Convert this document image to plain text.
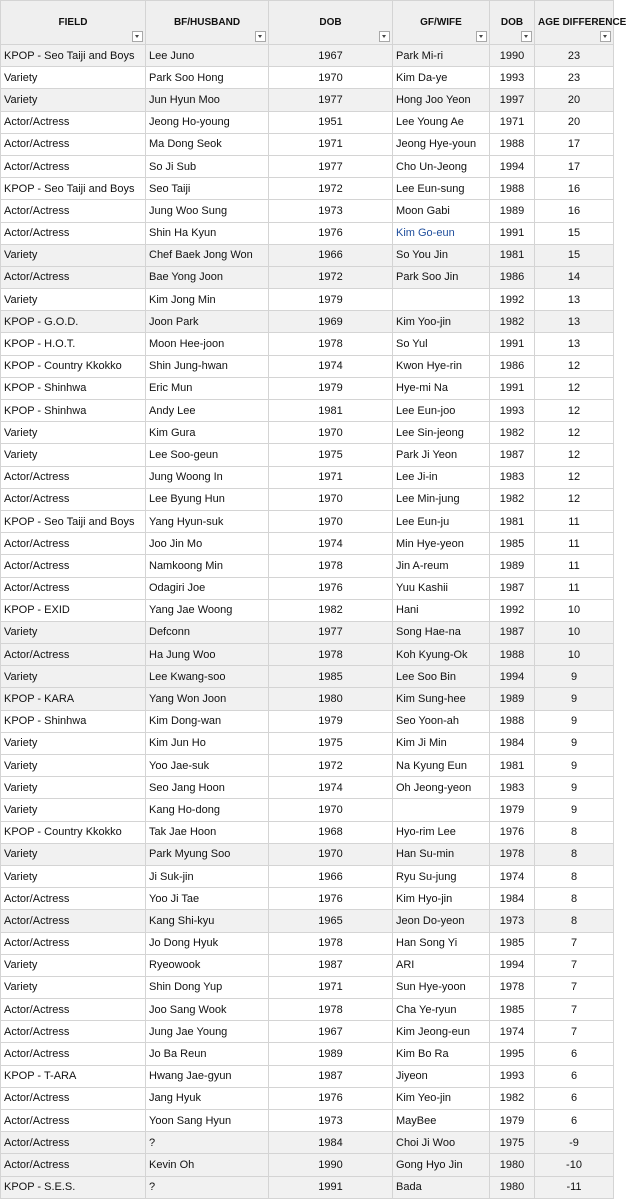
FIELD	BF/HUSBAND	DOB	GF/WIFE	DOB	AGE DIFFERENCE

KPOP - Seo Taiji and Boys	Lee Juno	1967	Park Mi-ri	1990	23
Variety	Park Soo Hong	1970	Kim Da-ye	1993	23
Variety	Jun Hyun Moo	1977	Hong Joo Yeon	1997	20
Actor/Actress	Jeong Ho-young	1951	Lee Young Ae	1971	20
Actor/Actress	Ma Dong Seok	1971	Jeong Hye-youn	1988	17
Actor/Actress	So Ji Sub	1977	Cho Un-Jeong	1994	17
KPOP - Seo Taiji and Boys	Seo Taiji	1972	Lee Eun-sung	1988	16
Actor/Actress	Jung Woo Sung	1973	Moon Gabi	1989	16
Actor/Actress	Shin Ha Kyun	1976	Kim Go-eun	1991	15
Variety	Chef Baek Jong Won	1966	So You Jin	1981	15
Actor/Actress	Bae Yong Joon	1972	Park Soo Jin	1986	14
Variety	Kim Jong Min	1979		1992	13
KPOP - G.O.D.	Joon Park	1969	Kim Yoo-jin	1982	13
KPOP - H.O.T.	Moon Hee-joon	1978	So Yul	1991	13
KPOP - Country Kkokko	Shin Jung-hwan	1974	Kwon Hye-rin	1986	12
KPOP - Shinhwa	Eric Mun	1979	Hye-mi Na	1991	12
KPOP - Shinhwa	Andy Lee	1981	Lee Eun-joo	1993	12
Variety	Kim Gura	1970	Lee Sin-jeong	1982	12
Variety	Lee Soo-geun	1975	Park Ji Yeon	1987	12
Actor/Actress	Jung Woong In	1971	Lee Ji-in	1983	12
Actor/Actress	Lee Byung Hun	1970	Lee Min-jung	1982	12
KPOP - Seo Taiji and Boys	Yang Hyun-suk	1970	Lee Eun-ju	1981	11
Actor/Actress	Joo Jin Mo	1974	Min Hye-yeon	1985	11
Actor/Actress	Namkoong Min	1978	Jin A-reum	1989	11
Actor/Actress	Odagiri Joe	1976	Yuu Kashii	1987	11
KPOP - EXID	Yang Jae Woong	1982	Hani	1992	10
Variety	Defconn	1977	Song Hae-na	1987	10
Actor/Actress	Ha Jung Woo	1978	Koh Kyung-Ok	1988	10
Variety	Lee Kwang-soo	1985	Lee Soo Bin	1994	9
KPOP - KARA	Yang Won Joon	1980	Kim Sung-hee	1989	9
KPOP - Shinhwa	Kim Dong-wan	1979	Seo Yoon-ah	1988	9
Variety	Kim Jun Ho	1975	Kim Ji Min	1984	9
Variety	Yoo Jae-suk	1972	Na Kyung Eun	1981	9
Variety	Seo Jang Hoon	1974	Oh Jeong-yeon	1983	9
Variety	Kang Ho-dong	1970		1979	9
KPOP - Country Kkokko	Tak Jae Hoon	1968	Hyo-rim Lee	1976	8
Variety	Park Myung Soo	1970	Han Su-min	1978	8
Variety	Ji Suk-jin	1966	Ryu Su-jung	1974	8
Actor/Actress	Yoo Ji Tae	1976	Kim Hyo-jin	1984	8
Actor/Actress	Kang Shi-kyu	1965	Jeon Do-yeon	1973	8
Actor/Actress	Jo Dong Hyuk	1978	Han Song Yi	1985	7
Variety	Ryeowook	1987	ARI	1994	7
Variety	Shin Dong Yup	1971	Sun Hye-yoon	1978	7
Actor/Actress	Joo Sang Wook	1978	Cha Ye-ryun	1985	7
Actor/Actress	Jung Jae Young	1967	Kim Jeong-eun	1974	7
Actor/Actress	Jo Ba Reun	1989	Kim Bo Ra	1995	6
KPOP - T-ARA	Hwang Jae-gyun	1987	Jiyeon	1993	6
Actor/Actress	Jang Hyuk	1976	Kim Yeo-jin	1982	6
Actor/Actress	Yoon Sang Hyun	1973	MayBee	1979	6
Actor/Actress	?	1984	Choi Ji Woo	1975	-9
Actor/Actress	Kevin Oh	1990	Gong Hyo Jin	1980	-10
KPOP - S.E.S.	?	1991	Bada	1980	-11
